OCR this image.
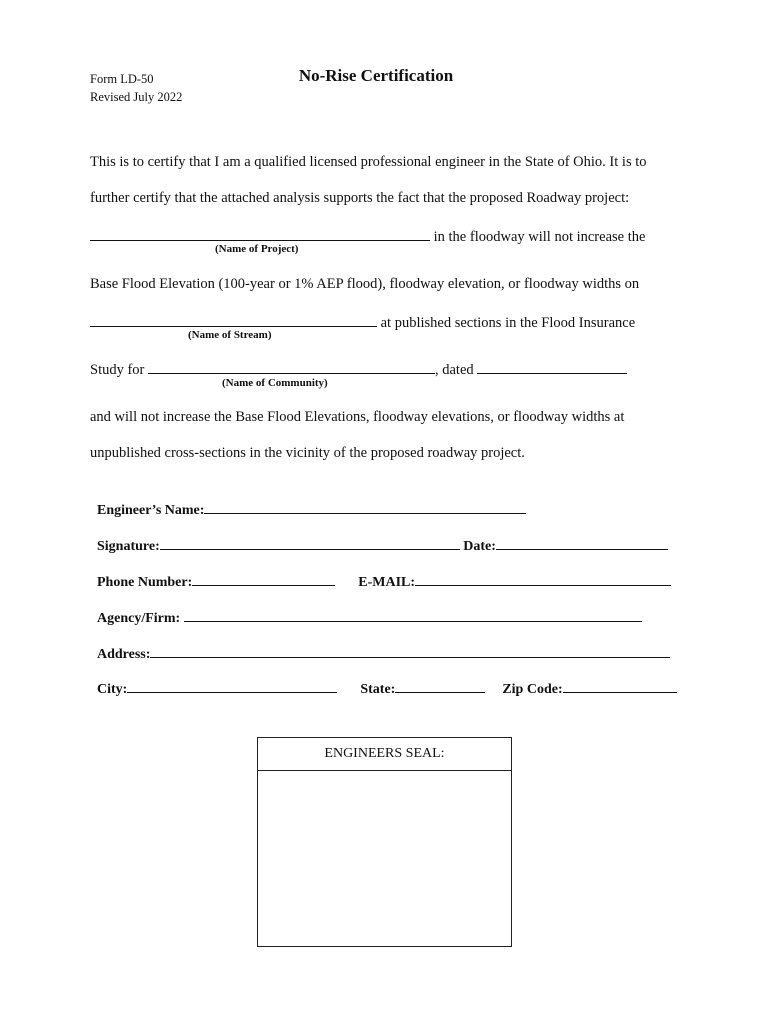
Form LD-50
Revised July 2022
No-Rise Certification
This is to certify that I am a qualified licensed professional engineer in the State of Ohio. It is to
further certify that the attached analysis supports the fact that the proposed Roadway project:
in the floodway will not increase the
(Name of Project)
Base Flood Elevation (100-year or 1% AEP flood), floodway elevation, or floodway widths on
at published sections in the Flood Insurance
(Name of Stream)
Study for	, dated
(Name of Community)
and will not increase the Base Flood Elevations, floodway elevations, or floodway widths at
unpublished cross-sections in the vicinity of the proposed roadway project.
Engineer’s Name:
Signature:	Date:
Phone Number:	E-MAIL:
Agency/Firm:
Address:
City:	State:	Zip Code:
ENGINEERS SEAL:
